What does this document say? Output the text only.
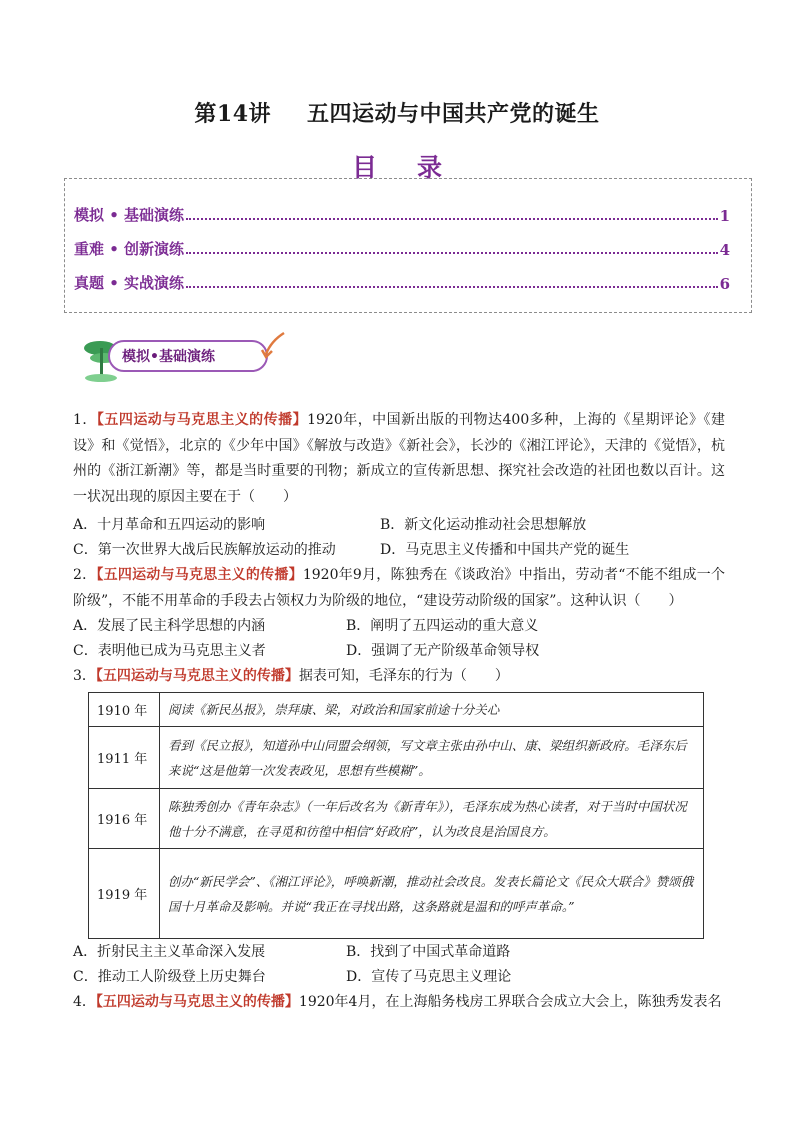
第14讲 五四运动与中国共产党的诞生
目 录
模拟 • 基础演练	1
重难 • 创新演练	4
真题 • 实战演练	6
模拟•基础演练
1．【五四运动与马克思主义的传播】1920年，中国新出版的刊物达400多种，上海的《星期评论》《建设》和《觉悟》，北京的《少年中国》《解放与改造》《新社会》，长沙的《湘江评论》，天津的《觉悟》，杭州的《浙江新潮》等，都是当时重要的刊物；新成立的宣传新思想、探究社会改造的社团也数以百计。这一状况出现的原因主要在于（　　）
A．十月革命和五四运动的影响	B．新文化运动推动社会思想解放
C．第一次世界大战后民族解放运动的推动	D．马克思主义传播和中国共产党的诞生
2．【五四运动与马克思主义的传播】1920年9月，陈独秀在《谈政治》中指出，劳动者“不能不组成一个阶级”，不能不用革命的手段去占领权力为阶级的地位，“建设劳动阶级的国家”。这种认识（　　）
A．发展了民主科学思想的内涵	B．阐明了五四运动的重大意义
C．表明他已成为马克思主义者	D．强调了无产阶级革命领导权
3．【五四运动与马克思主义的传播】据表可知，毛泽东的行为（　　）
1910 年	阅读《新民丛报》，崇拜康、梁，对政治和国家前途十分关心
1911 年	看到《民立报》，知道孙中山同盟会纲领，写文章主张由孙中山、康、梁组织新政府。毛泽东后来说“这是他第一次发表政见，思想有些模糊”。
1916 年	陈独秀创办《青年杂志》（一年后改名为《新青年》），毛泽东成为热心读者，对于当时中国状况他十分不满意，在寻觅和彷徨中相信“好政府”，认为改良是治国良方。
1919 年	创办“新民学会”、《湘江评论》，呼唤新潮，推动社会改良。发表长篇论文《民众大联合》赞颂俄国十月革命及影响。并说“我正在寻找出路，这条路就是温和的呼声革命。”
A．折射民主主义革命深入发展	B．找到了中国式革命道路
C．推动工人阶级登上历史舞台	D．宣传了马克思主义理论
4．【五四运动与马克思主义的传播】1920年4月，在上海船务栈房工界联合会成立大会上，陈独秀发表名
